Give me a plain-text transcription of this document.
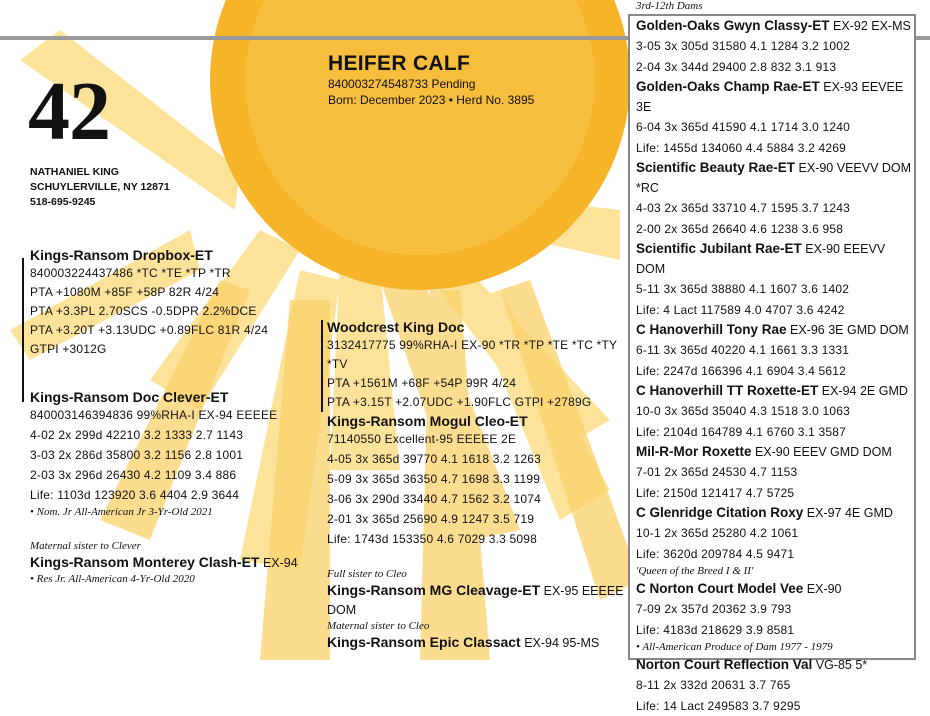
42
NATHANIEL KING
SCHUYLERVILLE, NY 12871
518-695-9245
HEIFER CALF
840003274548733 Pending
Born: December 2023 • Herd No. 3895
Kings-Ransom Dropbox-ET
840003224437486 *TC *TE *TP *TR
PTA +1080M +85F +58P 82R 4/24
PTA +3.3PL 2.70SCS -0.5DPR 2.2%DCE
PTA +3.20T +3.13UDC +0.89FLC 81R 4/24
GTPI +3012G
Kings-Ransom Doc Clever-ET
840003146394836 99%RHA-I EX-94 EEEEE
4-02 2x 299d 42210 3.2 1333 2.7 1143
3-03 2x 286d 35800 3.2 1156 2.8 1001
2-03 3x 296d 26430 4.2 1109 3.4 886
Life: 1103d 123920 3.6 4404 2.9 3644
• Nom. Jr All-American Jr 3-Yr-Old 2021
Maternal sister to Clever
Kings-Ransom Monterey Clash-ET EX-94
• Res Jr. All-American 4-Yr-Old 2020
Woodcrest King Doc
3132417775 99%RHA-I EX-90 *TR *TP *TE *TC *TY *TV
PTA +1561M +68F +54P 99R 4/24
PTA +3.15T +2.07UDC +1.90FLC GTPI +2789G
Kings-Ransom Mogul Cleo-ET
71140550 Excellent-95 EEEEE 2E
4-05 3x 365d 39770 4.1 1618 3.2 1263
5-09 3x 365d 36350 4.7 1698 3.3 1199
3-06 3x 290d 33440 4.7 1562 3.2 1074
2-01 3x 365d 25690 4.9 1247 3.5 719
Life: 1743d 153350 4.6 7029 3.3 5098
Full sister to Cleo
Kings-Ransom MG Cleavage-ET EX-95 EEEEE DOM
Maternal sister to Cleo
Kings-Ransom Epic Classact EX-94 95-MS
3rd-12th Dams
Golden-Oaks Gwyn Classy-ET EX-92 EX-MS
3-05 3x 305d 31580 4.1 1284 3.2 1002
2-04 3x 344d 29400 2.8 832 3.1 913
Golden-Oaks Champ Rae-ET EX-93 EEVEE 3E
6-04 3x 365d 41590 4.1 1714 3.0 1240
Life: 1455d 134060 4.4 5884 3.2 4269
Scientific Beauty Rae-ET EX-90 VEEVV DOM *RC
4-03 2x 365d 33710 4.7 1595 3.7 1243
2-00 2x 365d 26640 4.6 1238 3.6 958
Scientific Jubilant Rae-ET EX-90 EEEVV DOM
5-11 3x 365d 38880 4.1 1607 3.6 1402
Life: 4 Lact 117589 4.0 4707 3.6 4242
C Hanoverhill Tony Rae EX-96 3E GMD DOM
6-11 3x 365d 40220 4.1 1661 3.3 1331
Life: 2247d 166396 4.1 6904 3.4 5612
C Hanoverhill TT Roxette-ET EX-94 2E GMD
10-0 3x 365d 35040 4.3 1518 3.0 1063
Life: 2104d 164789 4.1 6760 3.1 3587
Mil-R-Mor Roxette EX-90 EEEV GMD DOM
7-01 2x 365d 24530 4.7 1153
Life: 2150d 121417 4.7 5725
C Glenridge Citation Roxy EX-97 4E GMD
10-1 2x 365d 25280 4.2 1061
Life: 3620d 209784 4.5 9471
'Queen of the Breed I & II'
C Norton Court Model Vee EX-90
7-09 2x 357d 20362 3.9 793
Life: 4183d 218629 3.9 8581
• All-American Produce of Dam 1977 - 1979
Norton Court Reflection Val VG-85 5*
8-11 2x 332d 20631 3.7 765
Life: 14 Lact 249583 3.7 9295
